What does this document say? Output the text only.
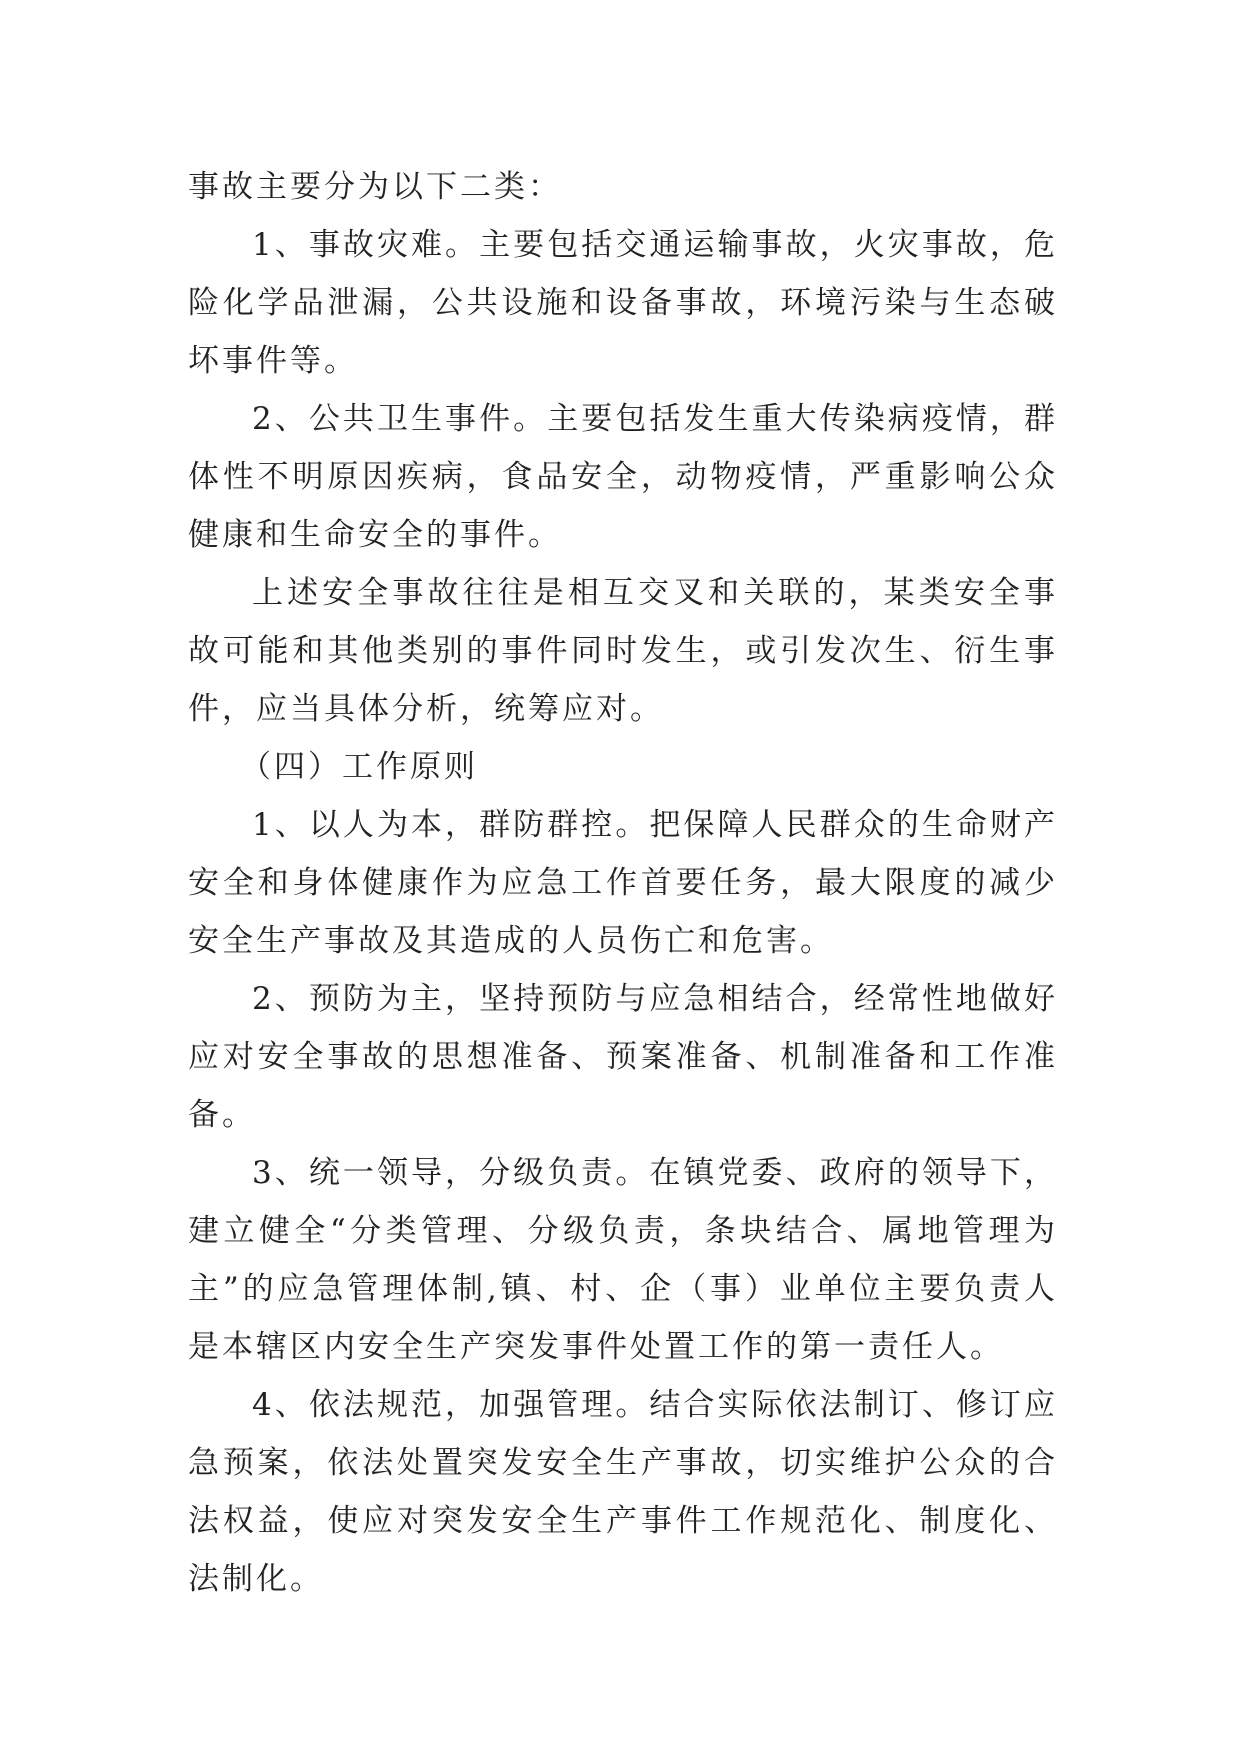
事故主要分为以下二类：

1、事故灾难。主要包括交通运输事故，火灾事故，危险化学品泄漏，公共设施和设备事故，环境污染与生态破坏事件等。

2、公共卫生事件。主要包括发生重大传染病疫情，群体性不明原因疾病，食品安全，动物疫情，严重影响公众健康和生命安全的事件。

上述安全事故往往是相互交叉和关联的，某类安全事故可能和其他类别的事件同时发生，或引发次生、衍生事件，应当具体分析，统筹应对。

（四）工作原则

1、以人为本，群防群控。把保障人民群众的生命财产安全和身体健康作为应急工作首要任务，最大限度的减少安全生产事故及其造成的人员伤亡和危害。

2、预防为主，坚持预防与应急相结合，经常性地做好应对安全事故的思想准备、预案准备、机制准备和工作准备。

3、统一领导，分级负责。在镇党委、政府的领导下，建立健全“分类管理、分级负责，条块结合、属地管理为主”的应急管理体制,镇、村、企（事）业单位主要负责人是本辖区内安全生产突发事件处置工作的第一责任人。

4、依法规范，加强管理。结合实际依法制订、修订应急预案，依法处置突发安全生产事故，切实维护公众的合法权益，使应对突发安全生产事件工作规范化、制度化、法制化。
